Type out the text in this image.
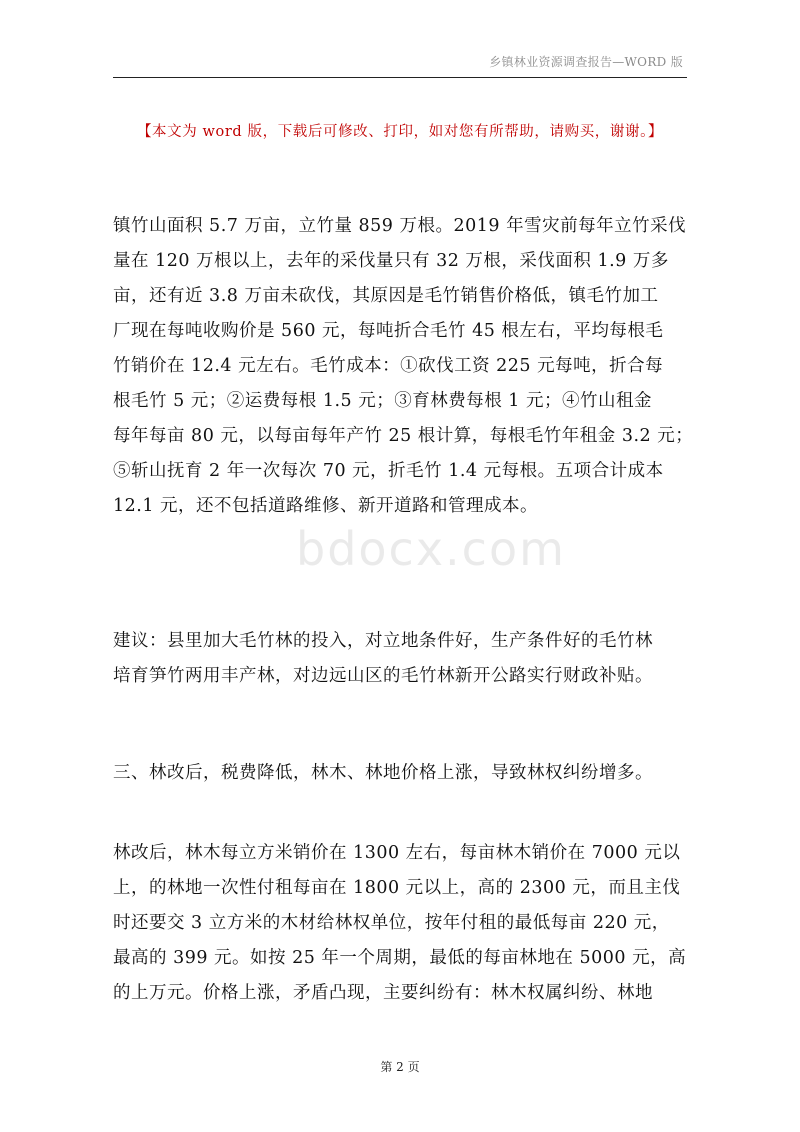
乡镇林业资源调查报告—WORD 版
【本文为 word 版，下载后可修改、打印，如对您有所帮助，请购买，谢谢。】
镇竹山面积 5.7 万亩，立竹量 859 万根。2019 年雪灾前每年立竹采伐
量在 120 万根以上，去年的采伐量只有 32 万根，采伐面积 1.9 万多
亩，还有近 3.8 万亩未砍伐，其原因是毛竹销售价格低，镇毛竹加工
厂现在每吨收购价是 560 元，每吨折合毛竹 45 根左右，平均每根毛
竹销价在 12.4 元左右。毛竹成本：①砍伐工资 225 元每吨，折合每
根毛竹 5 元；②运费每根 1.5 元；③育林费每根 1 元；④竹山租金
每年每亩 80 元，以每亩每年产竹 25 根计算，每根毛竹年租金 3.2 元；
⑤斩山抚育 2 年一次每次 70 元，折毛竹 1.4 元每根。五项合计成本
12.1 元，还不包括道路维修、新开道路和管理成本。
bdocx.com
建议：县里加大毛竹林的投入，对立地条件好，生产条件好的毛竹林
培育笋竹两用丰产林，对边远山区的毛竹林新开公路实行财政补贴。
三、林改后，税费降低，林木、林地价格上涨，导致林权纠纷增多。
林改后，林木每立方米销价在 1300 左右，每亩林木销价在 7000 元以
上，的林地一次性付租每亩在 1800 元以上，高的 2300 元，而且主伐
时还要交 3 立方米的木材给林权单位，按年付租的最低每亩 220 元，
最高的 399 元。如按 25 年一个周期，最低的每亩林地在 5000 元，高
的上万元。价格上涨，矛盾凸现，主要纠纷有：林木权属纠纷、林地
第 2 页
